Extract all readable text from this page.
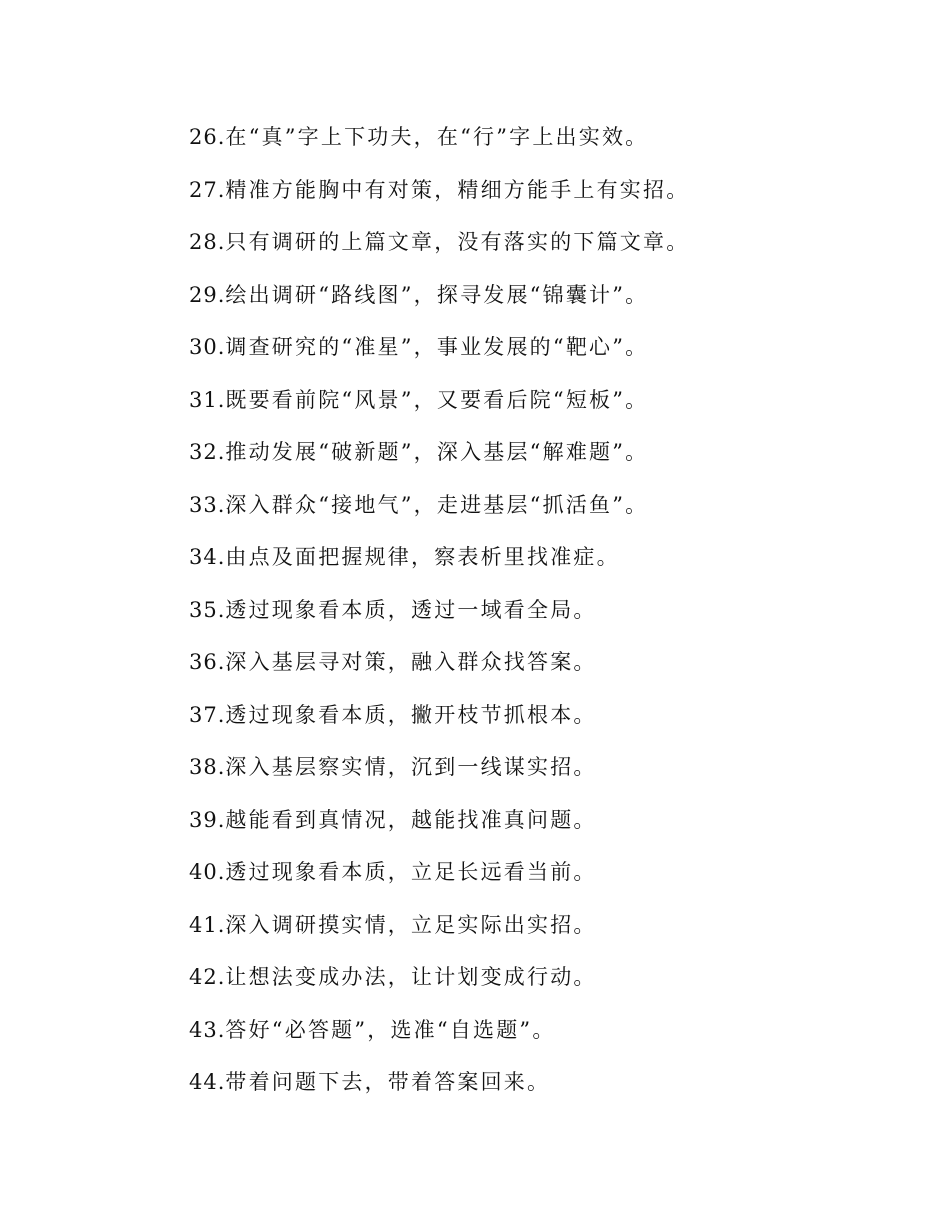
26.在“真”字上下功夫，在“行”字上出实效。
27.精准方能胸中有对策，精细方能手上有实招。
28.只有调研的上篇文章，没有落实的下篇文章。
29.绘出调研“路线图”，探寻发展“锦囊计”。
30.调查研究的“准星”，事业发展的“靶心”。
31.既要看前院“风景”，又要看后院“短板”。
32.推动发展“破新题”，深入基层“解难题”。
33.深入群众“接地气”，走进基层“抓活鱼”。
34.由点及面把握规律，察表析里找准症。
35.透过现象看本质，透过一域看全局。
36.深入基层寻对策，融入群众找答案。
37.透过现象看本质，撇开枝节抓根本。
38.深入基层察实情，沉到一线谋实招。
39.越能看到真情况，越能找准真问题。
40.透过现象看本质，立足长远看当前。
41.深入调研摸实情，立足实际出实招。
42.让想法变成办法，让计划变成行动。
43.答好“必答题”，选准“自选题”。
44.带着问题下去，带着答案回来。
